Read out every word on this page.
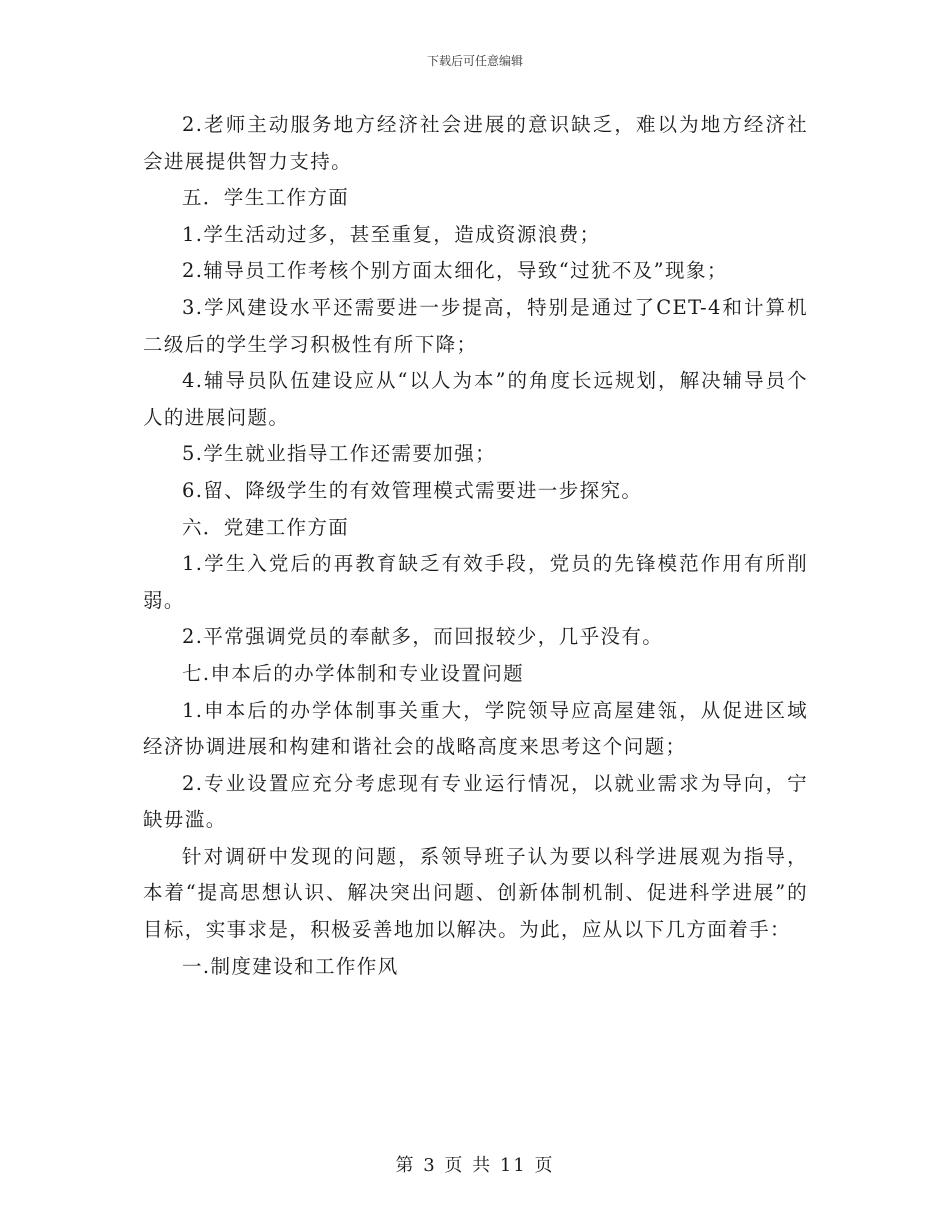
下载后可任意编辑

2.老师主动服务地方经济社会进展的意识缺乏，难以为地方经济社会进展提供智力支持。

五．学生工作方面

1.学生活动过多，甚至重复，造成资源浪费；

2.辅导员工作考核个别方面太细化，导致“过犹不及”现象；

3.学风建设水平还需要进一步提高，特别是通过了CET-4和计算机二级后的学生学习积极性有所下降；

4.辅导员队伍建设应从“以人为本”的角度长远规划，解决辅导员个人的进展问题。

5.学生就业指导工作还需要加强；

6.留、降级学生的有效管理模式需要进一步探究。

六．党建工作方面

1.学生入党后的再教育缺乏有效手段，党员的先锋模范作用有所削弱。

2.平常强调党员的奉献多，而回报较少，几乎没有。

七.申本后的办学体制和专业设置问题

1.申本后的办学体制事关重大，学院领导应高屋建瓴，从促进区域经济协调进展和构建和谐社会的战略高度来思考这个问题；

2.专业设置应充分考虑现有专业运行情况，以就业需求为导向，宁缺毋滥。

针对调研中发现的问题，系领导班子认为要以科学进展观为指导，本着“提高思想认识、解决突出问题、创新体制机制、促进科学进展”的目标，实事求是，积极妥善地加以解决。为此，应从以下几方面着手：

一.制度建设和工作作风

第 3 页 共 11 页
